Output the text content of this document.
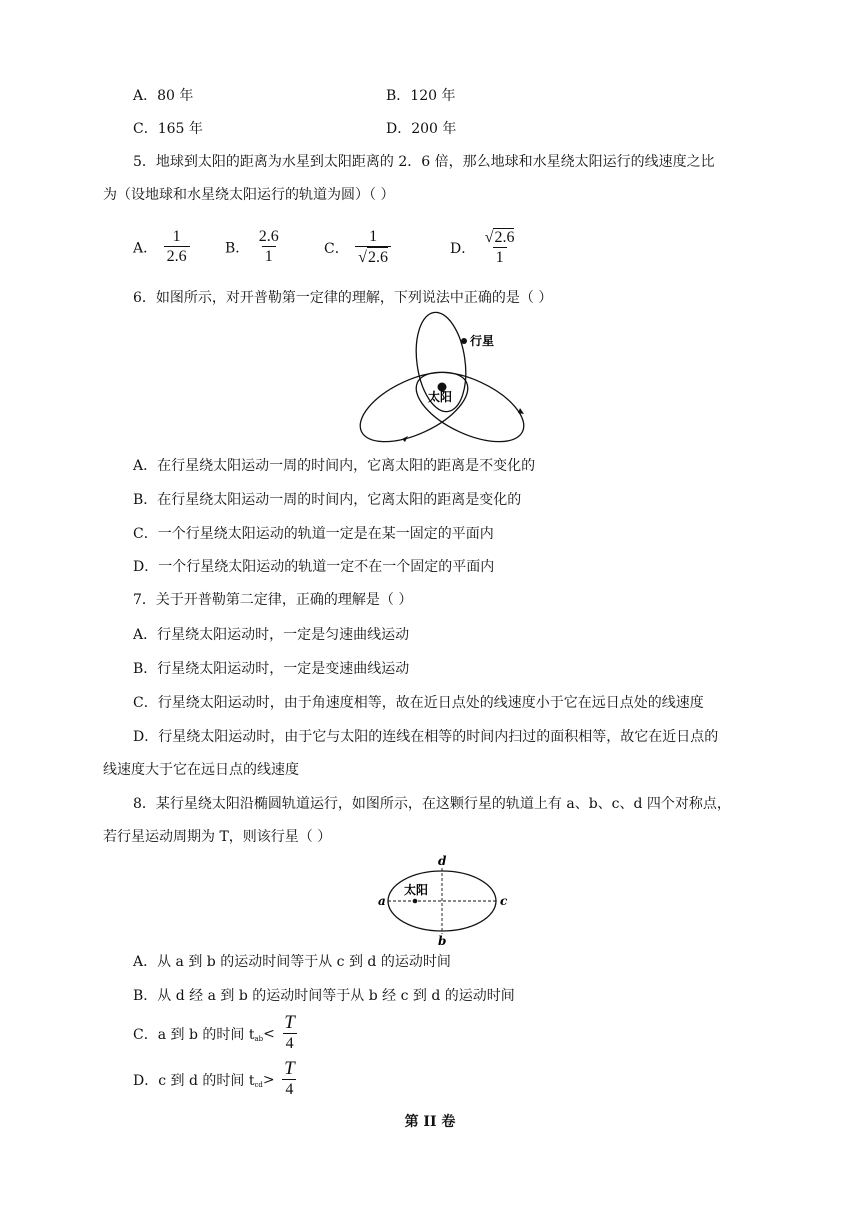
A．80 年	B．120 年
C．165 年	D．200 年
5．地球到太阳的距离为水星到太阳距离的 2．6 倍，那么地球和水星绕太阳运行的线速度之比
为（设地球和水星绕太阳运行的轨道为圆）（ ）
A． $\frac{1}{2.6}$	B． $\frac{2.6}{1}$	C． $\frac{1}{√2.6}$	D． $\frac{√2.6}{1}$
6．如图所示，对开普勒第一定律的理解，下列说法中正确的是（ ）
行星
太阳
A．在行星绕太阳运动一周的时间内，它离太阳的距离是不变化的
B．在行星绕太阳运动一周的时间内，它离太阳的距离是变化的
C．一个行星绕太阳运动的轨道一定是在某一固定的平面内
D．一个行星绕太阳运动的轨道一定不在一个固定的平面内
7．关于开普勒第二定律，正确的理解是（ ）
A．行星绕太阳运动时，一定是匀速曲线运动
B．行星绕太阳运动时，一定是变速曲线运动
C．行星绕太阳运动时，由于角速度相等，故在近日点处的线速度小于它在远日点处的线速度
D．行星绕太阳运动时，由于它与太阳的连线在相等的时间内扫过的面积相等，故它在近日点的
线速度大于它在远日点的线速度
8．某行星绕太阳沿椭圆轨道运行，如图所示，在这颗行星的轨道上有 a、b、c、d 四个对称点，
若行星运动周期为 T，则该行星（ ）
太阳
a	c
d
b
A．从 a 到 b 的运动时间等于从 c 到 d 的运动时间
B．从 d 经 a 到 b 的运动时间等于从 b 经 c 到 d 的运动时间
C．a 到 b 的时间 $t_{ab}< \frac{T}{4}$
D．c 到 d 的时间 $t_{cd}> \frac{T}{4}$
第 II 卷
